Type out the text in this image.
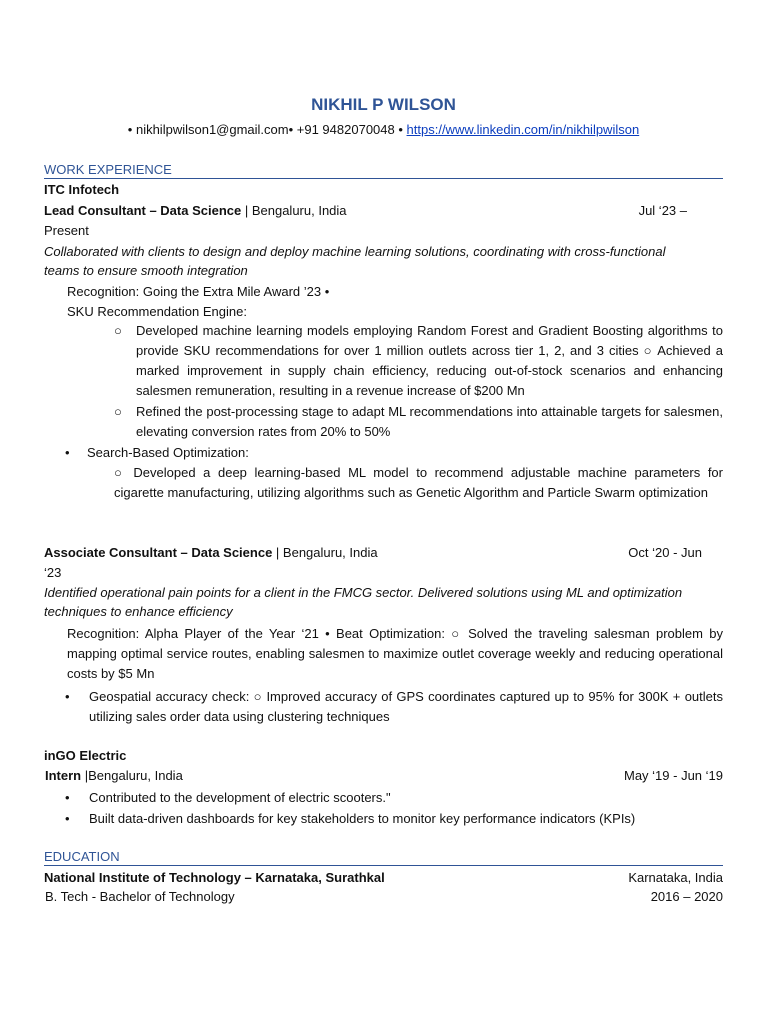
NIKHIL P WILSON
• nikhilpwilson1@gmail.com• +91 9482070048 • https://www.linkedin.com/in/nikhilpwilson
WORK EXPERIENCE
ITC Infotech
Lead Consultant – Data Science | Bengaluru, India	Jul ‘23 –
Present
Collaborated with clients to design and deploy machine learning solutions, coordinating with cross-functional
teams to ensure smooth integration
Recognition: Going the Extra Mile Award ’23 •
SKU Recommendation Engine:
○ Developed machine learning models employing Random Forest and Gradient Boosting algorithms to provide SKU recommendations for over 1 million outlets across tier 1, 2, and 3 cities ○ Achieved a marked improvement in supply chain efficiency, reducing out-of-stock scenarios and enhancing salesmen remuneration, resulting in a revenue increase of $200 Mn
○ Refined the post-processing stage to adapt ML recommendations into attainable targets for salesmen, elevating conversion rates from 20% to 50%
• Search-Based Optimization:
○ Developed a deep learning-based ML model to recommend adjustable machine parameters for cigarette manufacturing, utilizing algorithms such as Genetic Algorithm and Particle Swarm optimization
Associate Consultant – Data Science | Bengaluru, India	Oct ‘20 - Jun
‘23
Identified operational pain points for a client in the FMCG sector. Delivered solutions using ML and optimization
techniques to enhance efficiency
Recognition: Alpha Player of the Year ‘21 • Beat Optimization: ○ Solved the traveling salesman problem by mapping optimal service routes, enabling salesmen to maximize outlet coverage weekly and reducing operational costs by $5 Mn
• Geospatial accuracy check: ○ Improved accuracy of GPS coordinates captured up to 95% for 300K + outlets utilizing sales order data using clustering techniques
inGO Electric
Intern |Bengaluru, India	May ‘19 - Jun ‘19
• Contributed to the development of electric scooters."
• Built data-driven dashboards for key stakeholders to monitor key performance indicators (KPIs)
EDUCATION
National Institute of Technology – Karnataka, Surathkal	Karnataka, India
B. Tech - Bachelor of Technology	2016 – 2020
